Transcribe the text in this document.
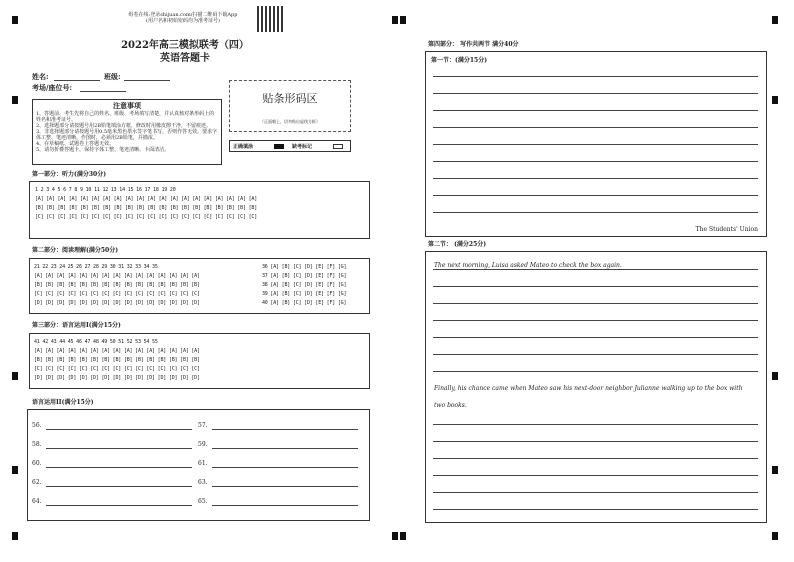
组卷在线:登录shijuan.com/扫描二维码下载App
(用户名和初始密码均为准考证号)
2022年高三模拟联考（四）
英语答题卡
姓名:	班级:
考场/座位号:
注意事项
1、答题前，考生先将自己的姓名、班级、考场填写清楚，并认真核对条形码上的姓名和准考证号。
2、选择题部分请按题号用2B铅笔填涂方框，修改时用橡皮擦干净，不留痕迹。
3、非选择题部分请按题号用0.5毫米黑色墨水签字笔书写，否则作答无效。要求字体工整、笔迹清晰。作图时，必须用2B铅笔，并描浓。
4、在草稿纸、试题卷上答题无效。
5、请勿折叠答题卡，保持字体工整、笔迹清晰、卡面清洁。
贴条形码区
（正面朝上，切勿贴出虚线方框）
正确填涂	缺考标记
第一部分：听力(满分30分)
1 2 3 4 5 6 7 8 9 10 11 12 13 14 15 16 17 18 19 20
[A] [A] [A] [A] [A] [A] [A] [A] [A] [A] [A] [A] [A] [A] [A] [A] [A] [A] [A] [A]
[B] [B] [B] [B] [B] [B] [B] [B] [B] [B] [B] [B] [B] [B] [B] [B] [B] [B] [B] [B]
[C] [C] [C] [C] [C] [C] [C] [C] [C] [C] [C] [C] [C] [C] [C] [C] [C] [C] [C] [C]
第二部分：阅读理解(满分50分)
21 22 23 24 25 26 27 28 29 30 31 32 33 34 35
[A] [A] [A] [A] [A] [A] [A] [A] [A] [A] [A] [A] [A] [A] [A]
[B] [B] [B] [B] [B] [B] [B] [B] [B] [B] [B] [B] [B] [B] [B]
[C] [C] [C] [C] [C] [C] [C] [C] [C] [C] [C] [C] [C] [C] [C]
[D] [D] [D] [D] [D] [D] [D] [D] [D] [D] [D] [D] [D] [D] [D]
36 [A] [B] [C] [D] [E] [F] [G]
37 [A] [B] [C] [D] [E] [F] [G]
38 [A] [B] [C] [D] [E] [F] [G]
39 [A] [B] [C] [D] [E] [F] [G]
40 [A] [B] [C] [D] [E] [F] [G]
第三部分：语言运用I(满分15分)
41 42 43 44 45 46 47 48 49 50 51 52 53 54 55
[A] [A] [A] [A] [A] [A] [A] [A] [A] [A] [A] [A] [A] [A] [A]
[B] [B] [B] [B] [B] [B] [B] [B] [B] [B] [B] [B] [B] [B] [B]
[C] [C] [C] [C] [C] [C] [C] [C] [C] [C] [C] [C] [C] [C] [C]
[D] [D] [D] [D] [D] [D] [D] [D] [D] [D] [D] [D] [D] [D] [D]
语言运用II(满分15分)
56.
58.
60.
62.
64.
57.
59.
61.
63.
65.
第四部分： 写作共两节 满分40分
第一节：(满分15分)
The Students' Union
第二节： (满分25分)
The next morning, Luisa asked Mateo to check the box again.
Finally, his chance came when Mateo saw his next-door neighbor Julianne walking up to the box with
two books.
